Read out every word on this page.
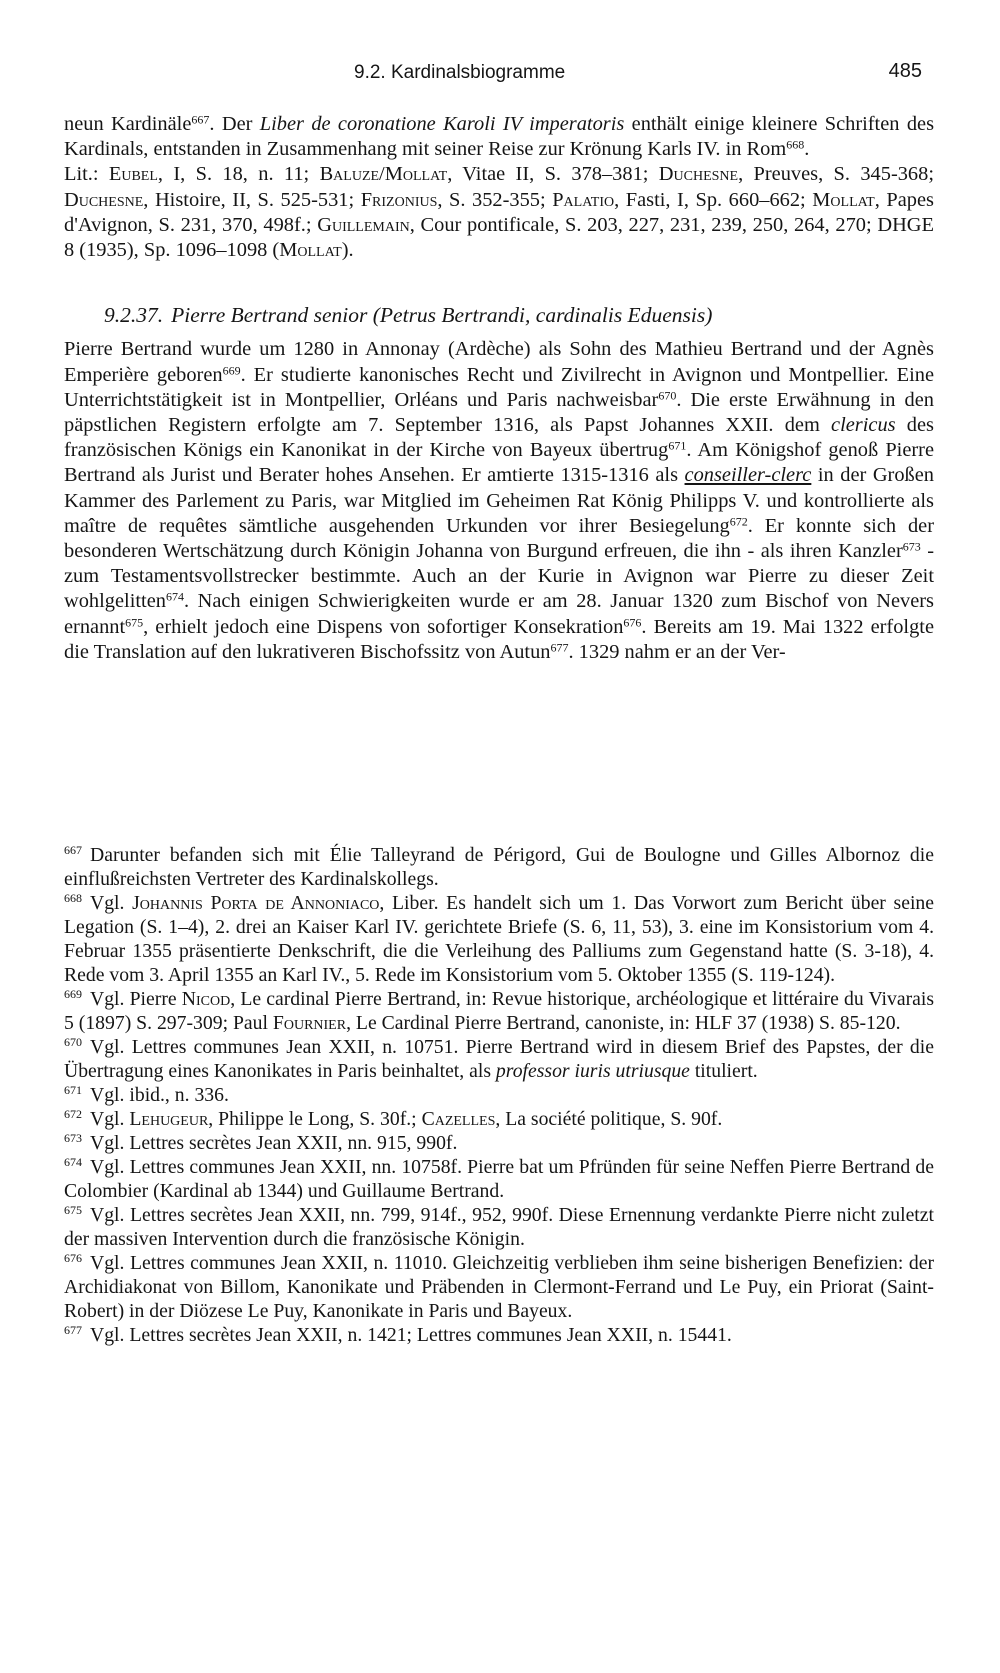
9.2. Kardinalsbiogramme	485

neun Kardinäle$^{667}$. Der Liber de coronatione Karoli IV imperatoris enthält einige kleinere Schriften des Kardinals, entstanden in Zusammenhang mit seiner Reise zur Krönung Karls IV. in Rom$^{668}$.

Lit.: Eubel, I, S. 18, n. 11; Baluze/Mollat, Vitae II, S. 378–381; Duchesne, Preuves, S. 345-368; Duchesne, Histoire, II, S. 525-531; Frizonius, S. 352-355; Palatio, Fasti, I, Sp. 660–662; Mollat, Papes d'Avignon, S. 231, 370, 498f.; Guillemain, Cour pontificale, S. 203, 227, 231, 239, 250, 264, 270; DHGE 8 (1935), Sp. 1096–1098 (Mollat).

9.2.37. Pierre Bertrand senior (Petrus Bertrandi, cardinalis Eduensis)

Pierre Bertrand wurde um 1280 in Annonay (Ardèche) als Sohn des Mathieu Bertrand und der Agnès Emperière geboren$^{669}$. Er studierte kanonisches Recht und Zivilrecht in Avignon und Montpellier. Eine Unterrichtstätigkeit ist in Montpellier, Orléans und Paris nachweisbar$^{670}$. Die erste Erwähnung in den päpstlichen Registern erfolgte am 7. September 1316, als Papst Johannes XXII. dem clericus des französischen Königs ein Kanonikat in der Kirche von Bayeux übertrug$^{671}$. Am Königshof genoß Pierre Bertrand als Jurist und Berater hohes Ansehen. Er amtierte 1315-1316 als conseiller-clerc in der Großen Kammer des Parlement zu Paris, war Mitglied im Geheimen Rat König Philipps V. und kontrollierte als maître de requêtes sämtliche ausgehenden Urkunden vor ihrer Besiegelung$^{672}$. Er konnte sich der besonderen Wertschätzung durch Königin Johanna von Burgund erfreuen, die ihn - als ihren Kanzler$^{673}$ - zum Testamentsvollstrecker bestimmte. Auch an der Kurie in Avignon war Pierre zu dieser Zeit wohlgelitten$^{674}$. Nach einigen Schwierigkeiten wurde er am 28. Januar 1320 zum Bischof von Nevers ernannt$^{675}$, erhielt jedoch eine Dispens von sofortiger Konsekration$^{676}$. Bereits am 19. Mai 1322 erfolgte die Translation auf den lukrativeren Bischofssitz von Autun$^{677}$. 1329 nahm er an der Ver-

$^{667}$ Darunter befanden sich mit Élie Talleyrand de Périgord, Gui de Boulogne und Gilles Albornoz die einflußreichsten Vertreter des Kardinalskollegs.

$^{668}$ Vgl. Johannis Porta de Annoniaco, Liber. Es handelt sich um 1. Das Vorwort zum Bericht über seine Legation (S. 1–4), 2. drei an Kaiser Karl IV. gerichtete Briefe (S. 6, 11, 53), 3. eine im Konsistorium vom 4. Februar 1355 präsentierte Denkschrift, die die Verleihung des Palliums zum Gegenstand hatte (S. 3-18), 4. Rede vom 3. April 1355 an Karl IV., 5. Rede im Konsistorium vom 5. Oktober 1355 (S. 119-124).

$^{669}$ Vgl. Pierre Nicod, Le cardinal Pierre Bertrand, in: Revue historique, archéologique et littéraire du Vivarais 5 (1897) S. 297-309; Paul Fournier, Le Cardinal Pierre Bertrand, canoniste, in: HLF 37 (1938) S. 85-120.

$^{670}$ Vgl. Lettres communes Jean XXII, n. 10751. Pierre Bertrand wird in diesem Brief des Papstes, der die Übertragung eines Kanonikates in Paris beinhaltet, als professor iuris utriusque tituliert.

$^{671}$ Vgl. ibid., n. 336.

$^{672}$ Vgl. Lehugeur, Philippe le Long, S. 30f.; Cazelles, La société politique, S. 90f.

$^{673}$ Vgl. Lettres secrètes Jean XXII, nn. 915, 990f.

$^{674}$ Vgl. Lettres communes Jean XXII, nn. 10758f. Pierre bat um Pfründen für seine Neffen Pierre Bertrand de Colombier (Kardinal ab 1344) und Guillaume Bertrand.

$^{675}$ Vgl. Lettres secrètes Jean XXII, nn. 799, 914f., 952, 990f. Diese Ernennung verdankte Pierre nicht zuletzt der massiven Intervention durch die französische Königin.

$^{676}$ Vgl. Lettres communes Jean XXII, n. 11010. Gleichzeitig verblieben ihm seine bisherigen Benefizien: der Archidiakonat von Billom, Kanonikate und Präbenden in Clermont-Ferrand und Le Puy, ein Priorat (Saint-Robert) in der Diözese Le Puy, Kanonikate in Paris und Bayeux.

$^{677}$ Vgl. Lettres secrètes Jean XXII, n. 1421; Lettres communes Jean XXII, n. 15441.
